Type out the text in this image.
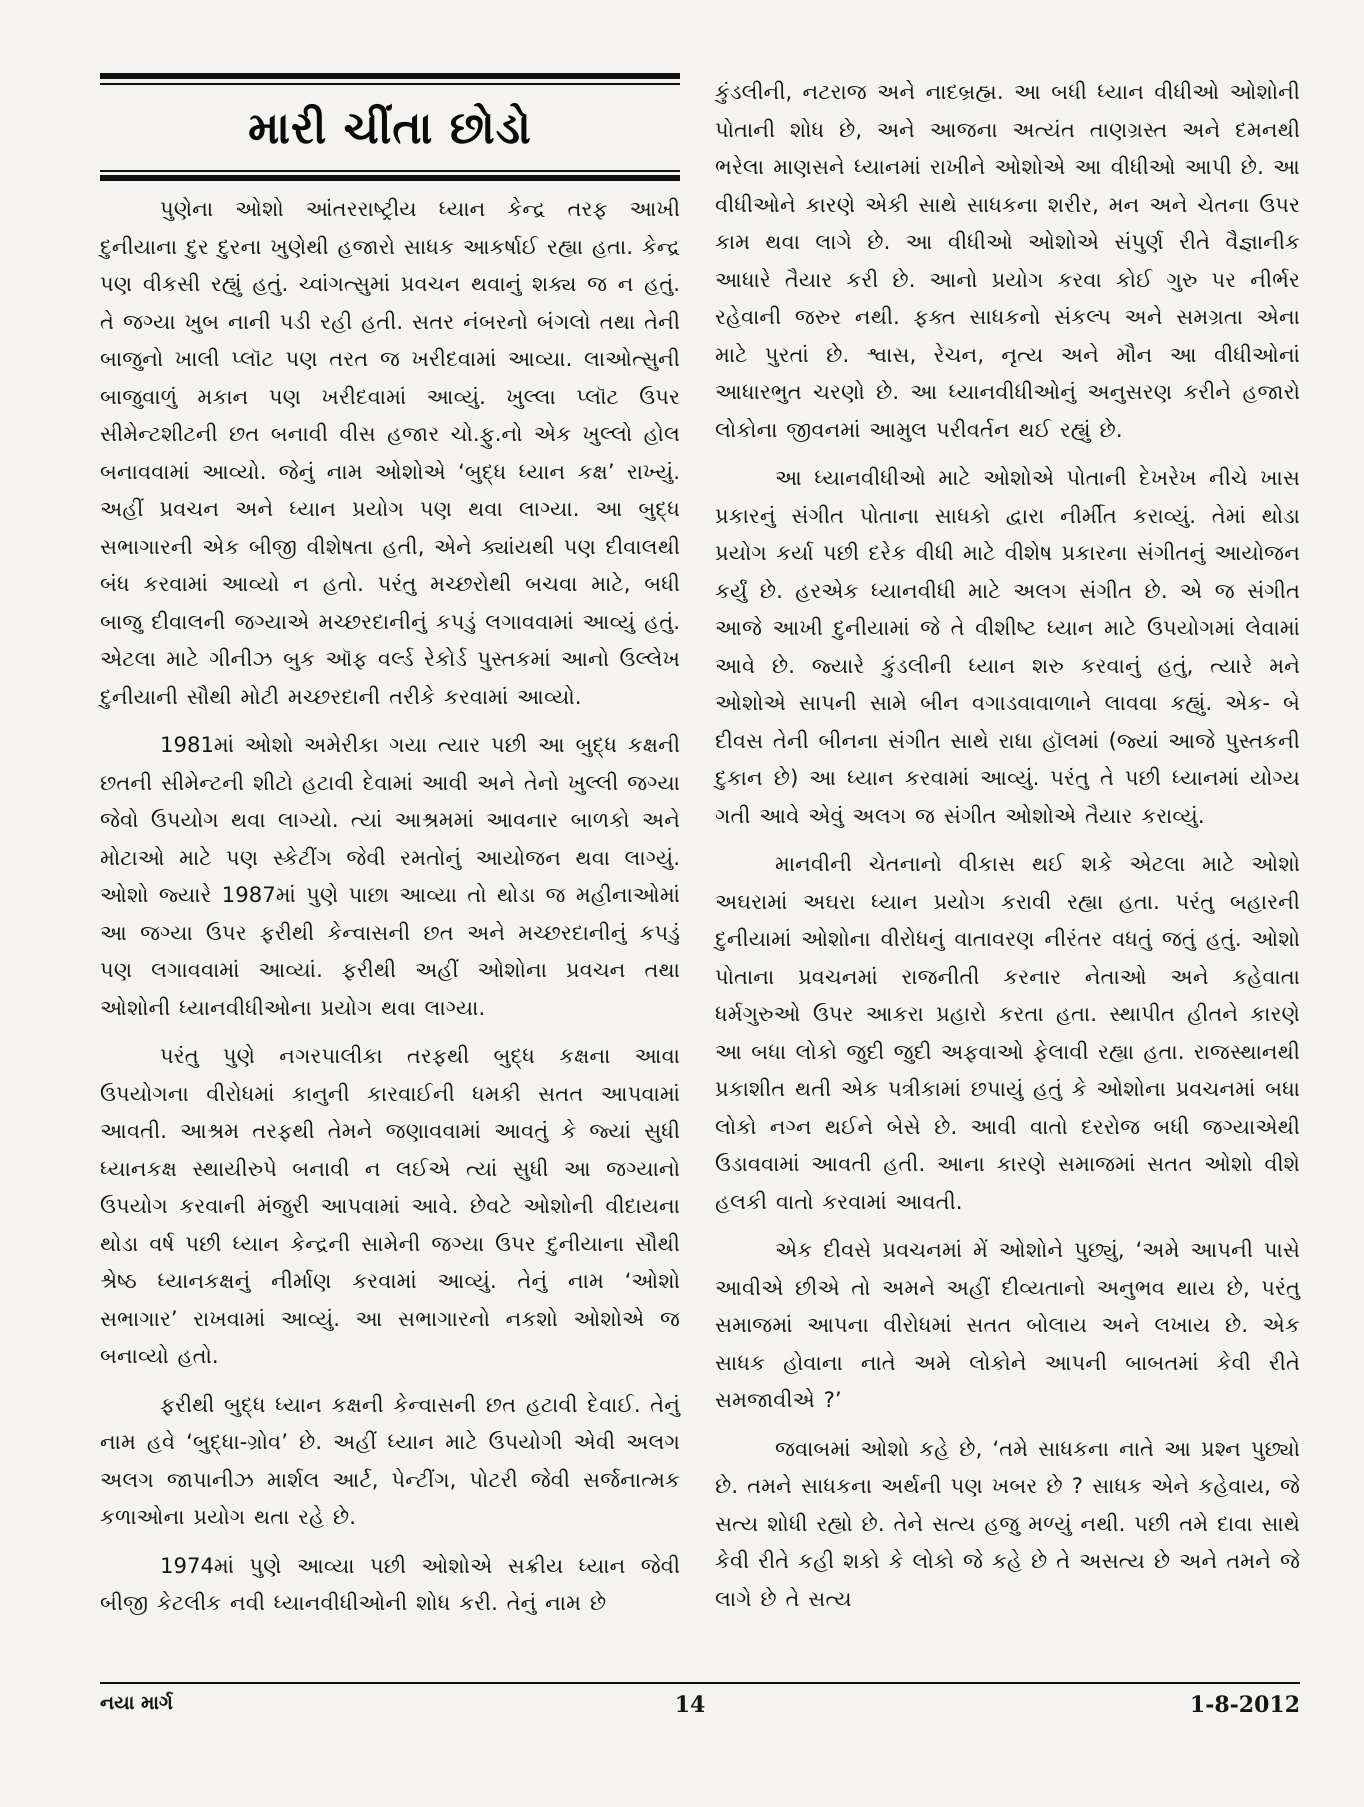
મારી ચીંતા છોડો

પુણેના ઓશો આંતરરાષ્ટ્રીય ધ્યાન કેન્દ્ર તરફ આખી દુનીયાના દુર દુરના ખુણેથી હજારો સાધક આકર્ષાઈ રહ્યા હતા. કેન્દ્ર પણ વીકસી રહ્યું હતું. ચ્વાંગત્સુમાં પ્રવચન થવાનું શક્ય જ ન હતું. તે જગ્યા ખુબ નાની પડી રહી હતી. સતર નંબરનો બંગલો તથા તેની બાજુનો ખાલી પ્લૉટ પણ તરત જ ખરીદવામાં આવ્યા. લાઓત્સુની બાજુવાળું મકાન પણ ખરીદવામાં આવ્યું. ખુલ્લા પ્લૉટ ઉપર સીમેન્ટશીટની છત બનાવી વીસ હજાર ચો.ફુ.નો એક ખુલ્લો હોલ બનાવવામાં આવ્યો. જેનું નામ ઓશોએ ‘બુદ્ધ ધ્યાન કક્ષ’ રાખ્યું. અહીં પ્રવચન અને ધ્યાન પ્રયોગ પણ થવા લાગ્યા. આ બુદ્ધ સભાગારની એક બીજી વીશેષતા હતી, એને ક્યાંયથી પણ દીવાલથી બંધ કરવામાં આવ્યો ન હતો. પરંતુ મચ્છરોથી બચવા માટે, બધી બાજુ દીવાલની જગ્યાએ મચ્છરદાનીનું કપડું લગાવવામાં આવ્યું હતું. એટલા માટે ગીનીઝ બુક ઑફ વર્લ્ડ રેકોર્ડ પુસ્તકમાં આનો ઉલ્લેખ દુનીયાની સૌથી મોટી મચ્છરદાની તરીકે કરવામાં આવ્યો.

1981માં ઓશો અમેરીકા ગયા ત્યાર પછી આ બુદ્ધ કક્ષની છતની સીમેન્ટની શીટો હટાવી દેવામાં આવી અને તેનો ખુલ્લી જગ્યા જેવો ઉપયોગ થવા લાગ્યો. ત્યાં આશ્રમમાં આવનાર બાળકો અને મોટાઓ માટે પણ સ્કેટીંગ જેવી રમતોનું આયોજન થવા લાગ્યું. ઓશો જ્યારે 1987માં પુણે પાછા આવ્યા તો થોડા જ મહીનાઓમાં આ જગ્યા ઉપર ફરીથી કેન્વાસની છત અને મચ્છરદાનીનું કપડું પણ લગાવવામાં આવ્યાં. ફરીથી અહીં ઓશોના પ્રવચન તથા ઓશોની ધ્યાનવીધીઓના પ્રયોગ થવા લાગ્યા.

પરંતુ પુણે નગરપાલીકા તરફથી બુદ્ધ કક્ષના આવા ઉપયોગના વીરોધમાં કાનુની કારવાઈની ધમકી સતત આપવામાં આવતી. આશ્રમ તરફથી તેમને જણાવવામાં આવતું કે જ્યાં સુધી ધ્યાનકક્ષ સ્થાયીરુપે બનાવી ન લઈએ ત્યાં સુધી આ જગ્યાનો ઉપયોગ કરવાની મંજુરી આપવામાં આવે. છેવટે ઓશોની વીદાયના થોડા વર્ષ પછી ધ્યાન કેન્દ્રની સામેની જગ્યા ઉપર દુનીયાના સૌથી શ્રેષ્ઠ ધ્યાનકક્ષનું નીર્માણ કરવામાં આવ્યું. તેનું નામ ‘ઓશો સભાગાર’ રાખવામાં આવ્યું. આ સભાગારનો નકશો ઓશોએ જ બનાવ્યો હતો.

ફરીથી બુદ્ધ ધ્યાન કક્ષની કેન્વાસની છત હટાવી દેવાઈ. તેનું નામ હવે ‘બુદ્ધા-ગ્રોવ’ છે. અહીં ધ્યાન માટે ઉપયોગી એવી અલગ અલગ જાપાનીઝ માર્શલ આર્ટ, પેન્ટીંગ, પોટરી જેવી સર્જનાત્મક કળાઓના પ્રયોગ થતા રહે છે.

1974માં પુણે આવ્યા પછી ઓશોએ સક્રીય ધ્યાન જેવી બીજી કેટલીક નવી ધ્યાનવીધીઓની શોધ કરી. તેનું નામ છે

કુંડલીની, નટરાજ અને નાદબ્રહ્મ. આ બધી ધ્યાન વીધીઓ ઓશોની પોતાની શોધ છે, અને આજના અત્યંત તાણગ્રસ્ત અને દમનથી ભરેલા માણસને ધ્યાનમાં રાખીને ઓશોએ આ વીધીઓ આપી છે. આ વીધીઓને કારણે એકી સાથે સાધકના શરીર, મન અને ચેતના ઉપર કામ થવા લાગે છે. આ વીધીઓ ઓશોએ સંપુર્ણ રીતે વૈજ્ઞાનીક આધારે તૈયાર કરી છે. આનો પ્રયોગ કરવા કોઈ ગુરુ પર નીર્ભર રહેવાની જરુર નથી. ફક્ત સાધકનો સંકલ્પ અને સમગ્રતા એના માટે પુરતાં છે. શ્વાસ, રેચન, નૃત્ય અને મૌન આ વીધીઓનાં આધારભુત ચરણો છે. આ ધ્યાનવીધીઓનું અનુસરણ કરીને હજારો લોકોના જીવનમાં આમુલ પરીવર્તન થઈ રહ્યું છે.

આ ધ્યાનવીધીઓ માટે ઓશોએ પોતાની દેખરેખ નીચે ખાસ પ્રકારનું સંગીત પોતાના સાધકો દ્વારા નીર્મીત કરાવ્યું. તેમાં થોડા પ્રયોગ કર્યા પછી દરેક વીધી માટે વીશેષ પ્રકારના સંગીતનું આયોજન કર્યું છે. હરએક ધ્યાનવીધી માટે અલગ સંગીત છે. એ જ સંગીત આજે આખી દુનીયામાં જે તે વીશીષ્ટ ધ્યાન માટે ઉપયોગમાં લેવામાં આવે છે. જ્યારે કુંડલીની ધ્યાન શરુ કરવાનું હતું, ત્યારે મને ઓશોએ સાપની સામે બીન વગાડવાવાળાને લાવવા કહ્યું. એક- બે દીવસ તેની બીનના સંગીત સાથે રાધા હૉલમાં (જ્યાં આજે પુસ્તકની દુકાન છે) આ ધ્યાન કરવામાં આવ્યું. પરંતુ તે પછી ધ્યાનમાં યોગ્ય ગતી આવે એવું અલગ જ સંગીત ઓશોએ તૈયાર કરાવ્યું.

માનવીની ચેતનાનો વીકાસ થઈ શકે એટલા માટે ઓશો અઘરામાં અઘરા ધ્યાન પ્રયોગ કરાવી રહ્યા હતા. પરંતુ બહારની દુનીયામાં ઓશોના વીરોધનું વાતાવરણ નીરંતર વધતું જતું હતું. ઓશો પોતાના પ્રવચનમાં રાજનીતી કરનાર નેતાઓ અને કહેવાતા ધર્મગુરુઓ ઉપર આકરા પ્રહારો કરતા હતા. સ્થાપીત હીતને કારણે આ બધા લોકો જુદી જુદી અફવાઓ ફેલાવી રહ્યા હતા. રાજસ્થાનથી પ્રકાશીત થતી એક પત્રીકામાં છપાયું હતું કે ઓશોના પ્રવચનમાં બધા લોકો નગ્ન થઈને બેસે છે. આવી વાતો દરરોજ બધી જગ્યાએથી ઉડાવવામાં આવતી હતી. આના કારણે સમાજમાં સતત ઓશો વીશે હલકી વાતો કરવામાં આવતી.

એક દીવસે પ્રવચનમાં મેં ઓશોને પુછ્યું, ‘અમે આપની પાસે આવીએ છીએ તો અમને અહીં દીવ્યતાનો અનુભવ થાય છે, પરંતુ સમાજમાં આપના વીરોધમાં સતત બોલાય અને લખાય છે. એક સાધક હોવાના નાતે અમે લોકોને આપની બાબતમાં કેવી રીતે સમજાવીએ ?’

જવાબમાં ઓશો કહે છે, ‘તમે સાધકના નાતે આ પ્રશ્ન પુછ્યો છે. તમને સાધકના અર્થની પણ ખબર છે ? સાધક એને કહેવાય, જે સત્ય શોધી રહ્યો છે. તેને સત્ય હજુ મળ્યું નથી. પછી તમે દાવા સાથે કેવી રીતે કહી શકો કે લોકો જે કહે છે તે અસત્ય છે અને તમને જે લાગે છે તે સત્ય

નયા માર્ગ	14	1-8-2012
